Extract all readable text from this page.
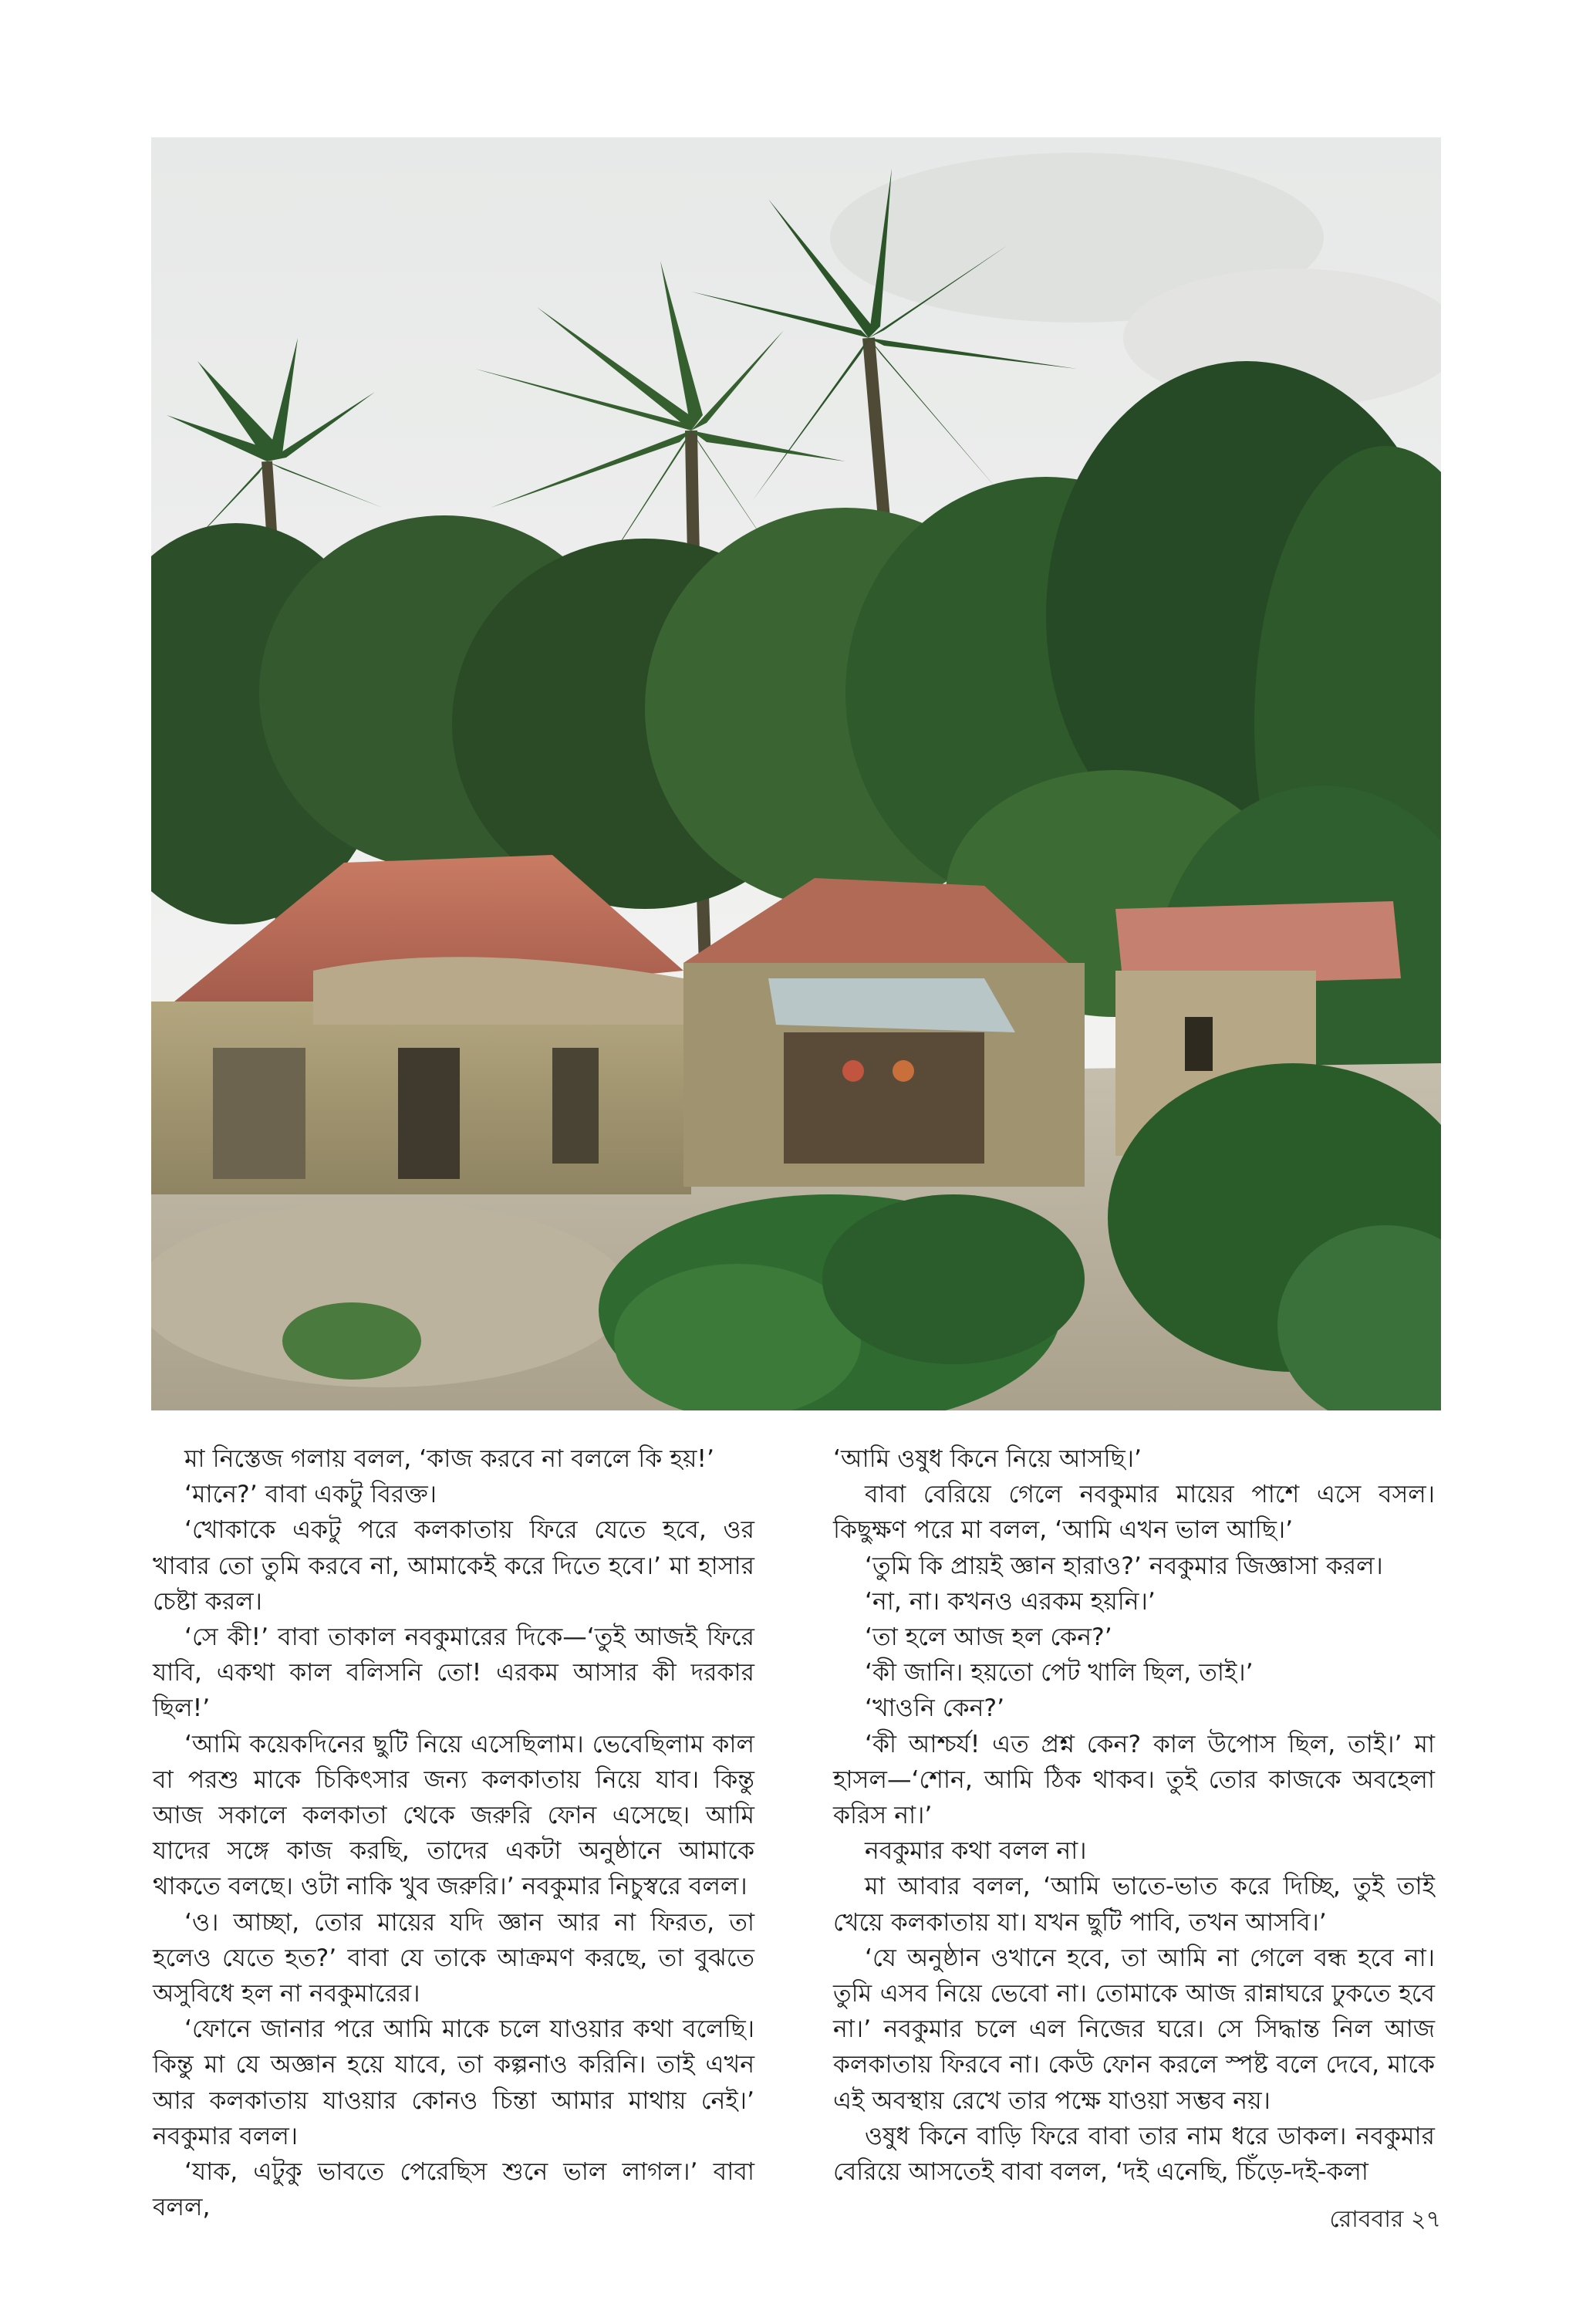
মা নিস্তেজ গলায় বলল, ‘কাজ করবে না বললে কি হয়!’

‘মানে?’ বাবা একটু বিরক্ত।

‘খোকাকে একটু পরে কলকাতায় ফিরে যেতে হবে, ওর খাবার তো তুমি করবে না, আমাকেই করে দিতে হবে।’ মা হাসার চেষ্টা করল।

‘সে কী!’ বাবা তাকাল নবকুমারের দিকে—‘তুই আজই ফিরে যাবি, একথা কাল বলিসনি তো! এরকম আসার কী দরকার ছিল!’

‘আমি কয়েকদিনের ছুটি নিয়ে এসেছিলাম। ভেবেছিলাম কাল বা পরশু মাকে চিকিৎসার জন্য কলকাতায় নিয়ে যাব। কিন্তু আজ সকালে কলকাতা থেকে জরুরি ফোন এসেছে। আমি যাদের সঙ্গে কাজ করছি, তাদের একটা অনুষ্ঠানে আমাকে থাকতে বলছে। ওটা নাকি খুব জরুরি।’ নবকুমার নিচুস্বরে বলল।

‘ও। আচ্ছা, তোর মায়ের যদি জ্ঞান আর না ফিরত, তা হলেও যেতে হত?’ বাবা যে তাকে আক্রমণ করছে, তা বুঝতে অসুবিধে হল না নবকুমারের।

‘ফোনে জানার পরে আমি মাকে চলে যাওয়ার কথা বলেছি। কিন্তু মা যে অজ্ঞান হয়ে যাবে, তা কল্পনাও করিনি। তাই এখন আর কলকাতায় যাওয়ার কোনও চিন্তা আমার মাথায় নেই।’ নবকুমার বলল।

‘যাক, এটুকু ভাবতে পেরেছিস শুনে ভাল লাগল।’ বাবা বলল,

‘আমি ওষুধ কিনে নিয়ে আসছি।’

বাবা বেরিয়ে গেলে নবকুমার মায়ের পাশে এসে বসল। কিছুক্ষণ পরে মা বলল, ‘আমি এখন ভাল আছি।’

‘তুমি কি প্রায়ই জ্ঞান হারাও?’ নবকুমার জিজ্ঞাসা করল।

‘না, না। কখনও এরকম হয়নি।’

‘তা হলে আজ হল কেন?’

‘কী জানি। হয়তো পেট খালি ছিল, তাই।’

‘খাওনি কেন?’

‘কী আশ্চর্য! এত প্রশ্ন কেন? কাল উপোস ছিল, তাই।’ মা হাসল—‘শোন, আমি ঠিক থাকব। তুই তোর কাজকে অবহেলা করিস না।’

নবকুমার কথা বলল না।

মা আবার বলল, ‘আমি ভাতে-ভাত করে দিচ্ছি, তুই তাই খেয়ে কলকাতায় যা। যখন ছুটি পাবি, তখন আসবি।’

‘যে অনুষ্ঠান ওখানে হবে, তা আমি না গেলে বন্ধ হবে না। তুমি এসব নিয়ে ভেবো না। তোমাকে আজ রান্নাঘরে ঢুকতে হবে না।’ নবকুমার চলে এল নিজের ঘরে। সে সিদ্ধান্ত নিল আজ কলকাতায় ফিরবে না। কেউ ফোন করলে স্পষ্ট বলে দেবে, মাকে এই অবস্থায় রেখে তার পক্ষে যাওয়া সম্ভব নয়।

ওষুধ কিনে বাড়ি ফিরে বাবা তার নাম ধরে ডাকল। নবকুমার বেরিয়ে আসতেই বাবা বলল, ‘দই এনেছি, চিঁড়ে-দই-কলা

রোববার ২৭
